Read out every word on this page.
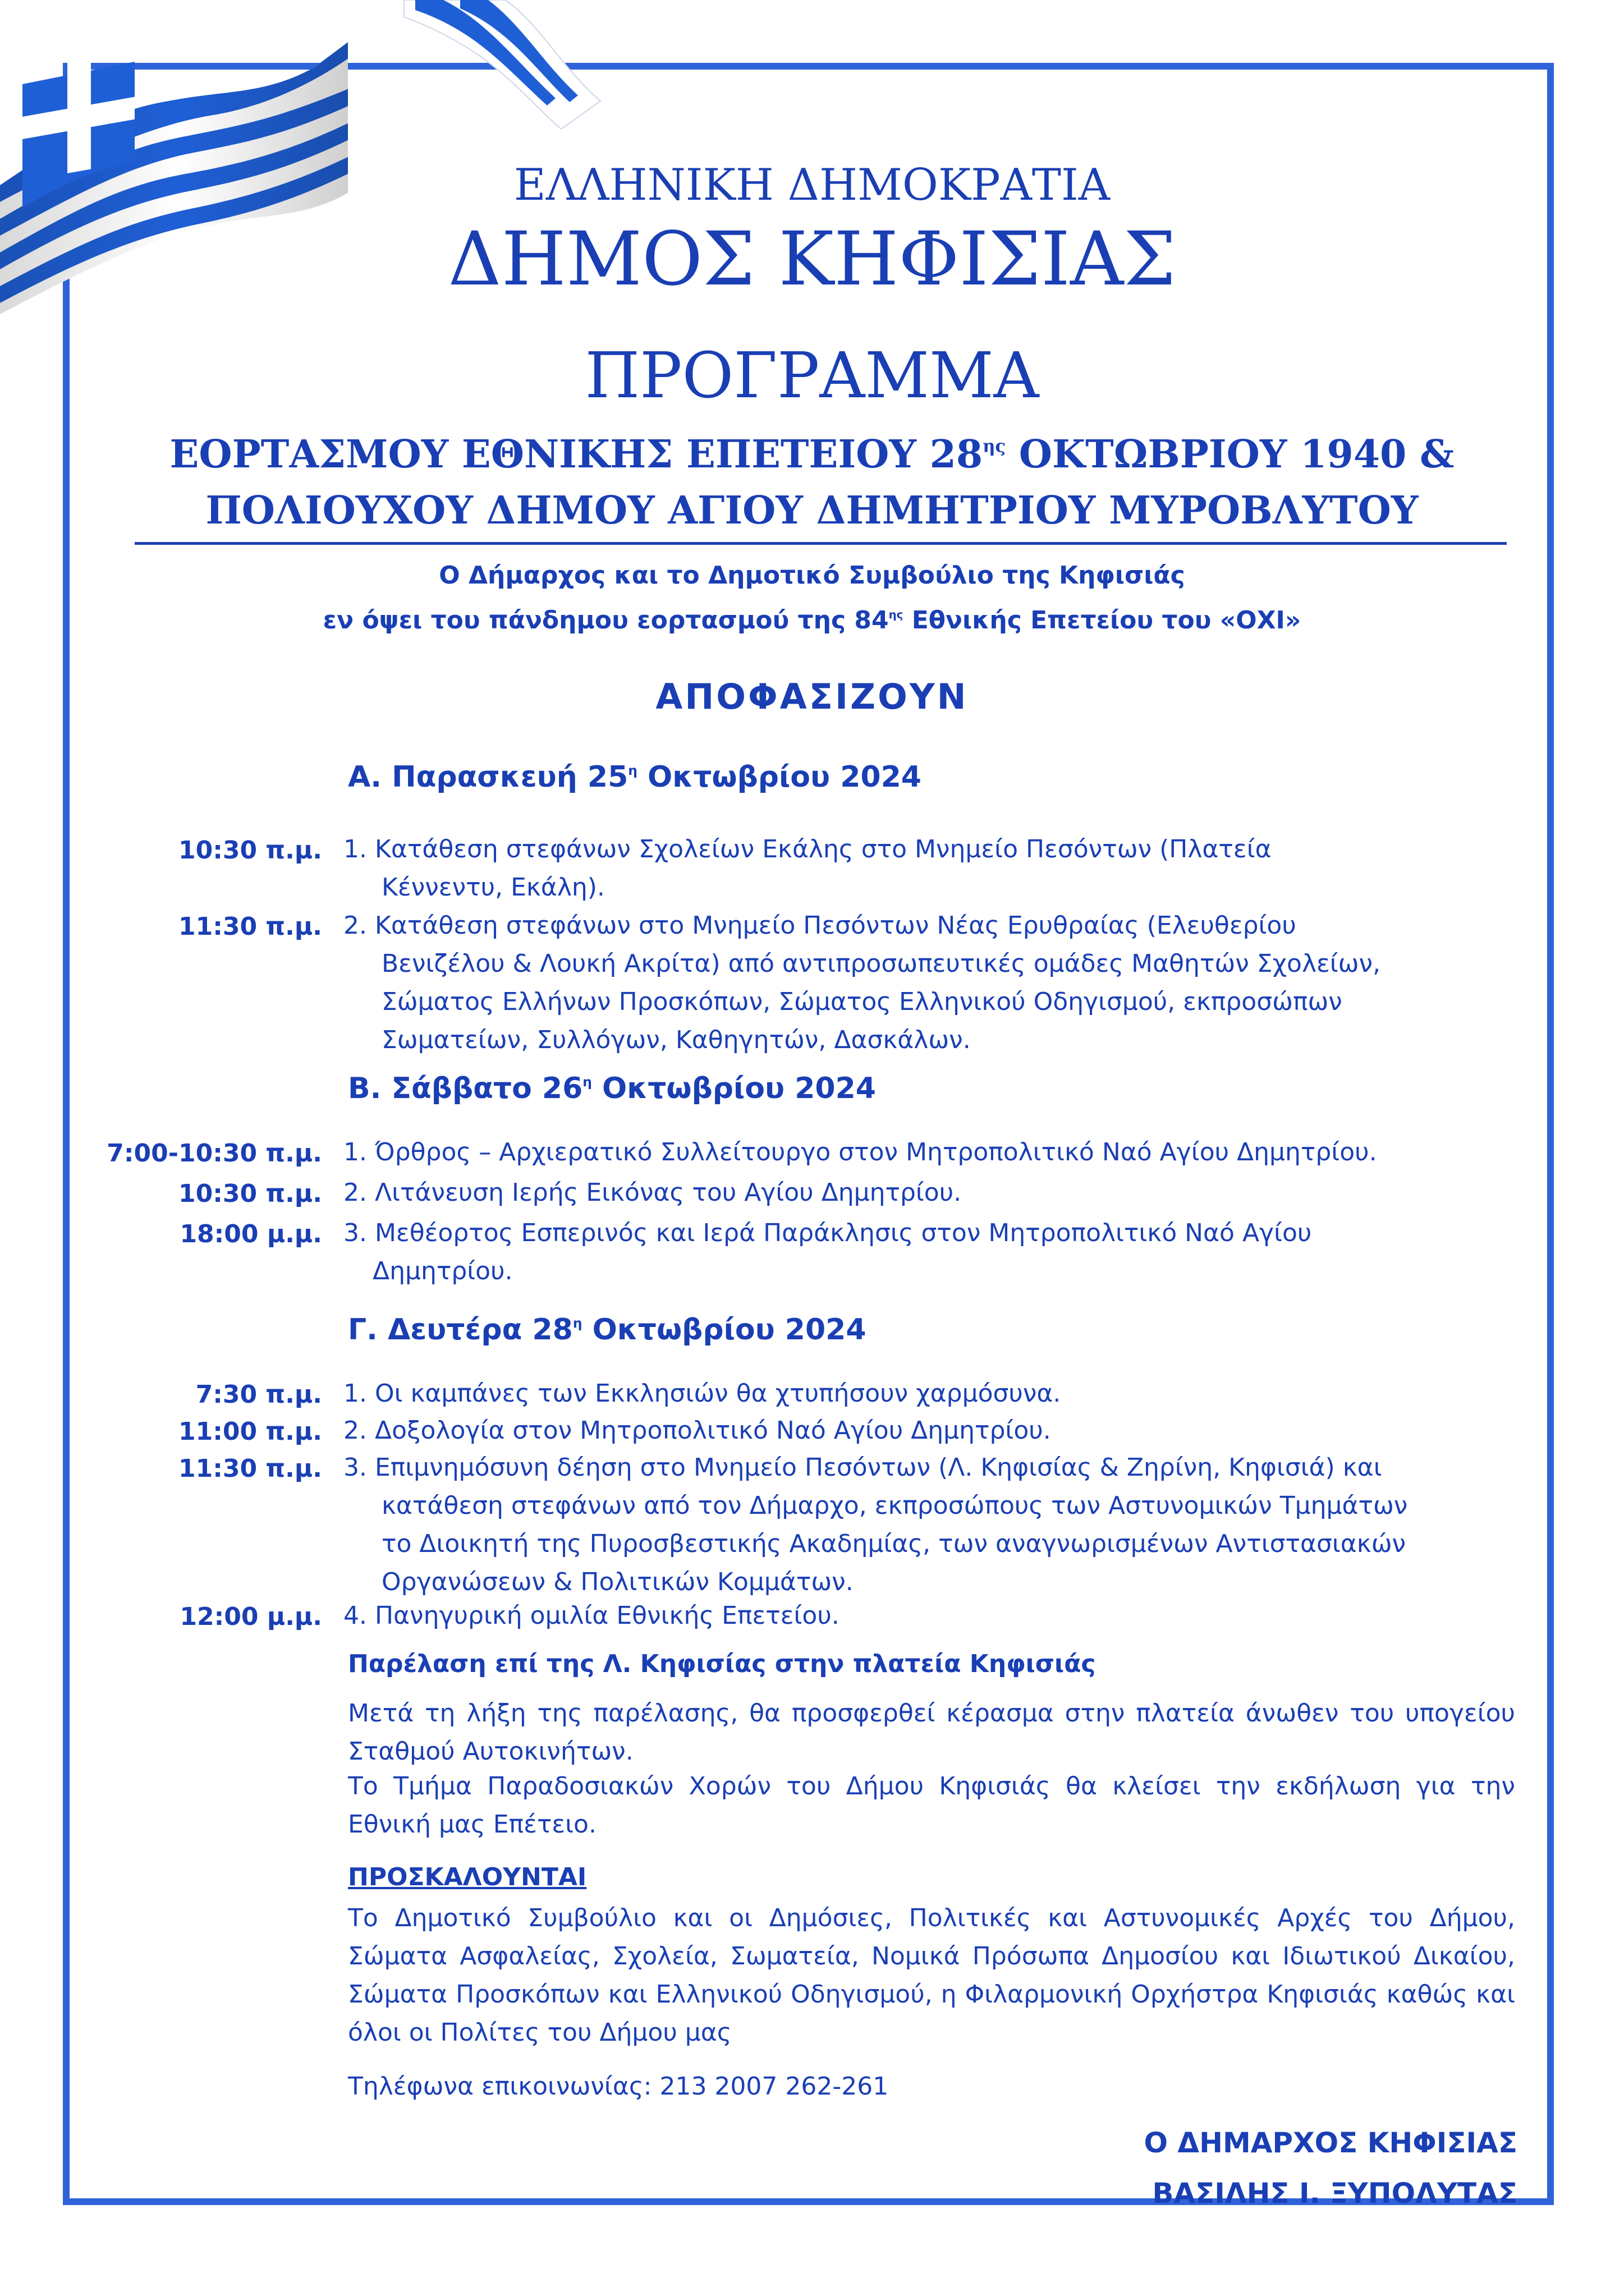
ΕΛΛΗΝΙΚΗ ΔΗΜΟΚΡΑΤΙΑ
ΔΗΜΟΣ ΚΗΦΙΣΙΑΣ
ΠΡΟΓΡΑΜΜΑ
ΕΟΡΤΑΣΜΟΥ ΕΘΝΙΚΗΣ ΕΠΕΤΕΙΟΥ $28^{\eta\varsigma}$ ΟΚΤΩΒΡΙΟΥ 1940 &
ΠΟΛΙΟΥΧΟΥ ΔΗΜΟΥ ΑΓΙΟΥ ΔΗΜΗΤΡΙΟΥ ΜΥΡΟΒΛΥΤΟΥ
Ο Δήμαρχος και το Δημοτικό Συμβούλιο της Κηφισιάς
εν όψει του πάνδημου εορτασμού της $84^{\eta\varsigma}$ Εθνικής Επετείου του «ΟΧΙ»
ΑΠΟΦΑΣΙΖΟΥΝ
Α. Παρασκευή $25^\eta$ Οκτωβρίου 2024
10:30 π.μ. 1. Κατάθεση στεφάνων Σχολείων Εκάλης στο Μνημείο Πεσόντων (Πλατεία
Κέννεντυ, Εκάλη).
11:30 π.μ. 2. Κατάθεση στεφάνων στο Μνημείο Πεσόντων Νέας Ερυθραίας (Ελευθερίου
Βενιζέλου & Λουκή Ακρίτα) από αντιπροσωπευτικές ομάδες Μαθητών Σχολείων,
Σώματος Ελλήνων Προσκόπων, Σώματος Ελληνικού Οδηγισμού, εκπροσώπων
Σωματείων, Συλλόγων, Καθηγητών, Δασκάλων.
Β. Σάββατο $26^\eta$ Οκτωβρίου 2024
7:00-10:30 π.μ. 1. Όρθρος – Αρχιερατικό Συλλείτουργο στον Μητροπολιτικό Ναό Αγίου Δημητρίου.
10:30 π.μ. 2. Λιτάνευση Ιερής Εικόνας του Αγίου Δημητρίου.
18:00 μ.μ. 3. Μεθέορτος Εσπερινός και Ιερά Παράκλησις στον Μητροπολιτικό Ναό Αγίου
Δημητρίου.
Γ. Δευτέρα $28^\eta$ Οκτωβρίου 2024
7:30 π.μ. 1. Οι καμπάνες των Εκκλησιών θα χτυπήσουν χαρμόσυνα.
11:00 π.μ. 2. Δοξολογία στον Μητροπολιτικό Ναό Αγίου Δημητρίου.
11:30 π.μ. 3. Επιμνημόσυνη δέηση στο Μνημείο Πεσόντων (Λ. Κηφισίας & Ζηρίνη, Κηφισιά) και
κατάθεση στεφάνων από τον Δήμαρχο, εκπροσώπους των Αστυνομικών Τμημάτων
το Διοικητή της Πυροσβεστικής Ακαδημίας, των αναγνωρισμένων Αντιστασιακών
Οργανώσεων & Πολιτικών Κομμάτων.
12:00 μ.μ. 4. Πανηγυρική ομιλία Εθνικής Επετείου.
Παρέλαση επί της Λ. Κηφισίας στην πλατεία Κηφισιάς
Μετά τη λήξη της παρέλασης, θα προσφερθεί κέρασμα στην πλατεία άνωθεν του υπογείου Σταθμού Αυτοκινήτων.
Το Τμήμα Παραδοσιακών Χορών του Δήμου Κηφισιάς θα κλείσει την εκδήλωση για την Εθνική μας Επέτειο.
ΠΡΟΣΚΑΛΟΥΝΤΑΙ
Το Δημοτικό Συμβούλιο και οι Δημόσιες, Πολιτικές και Αστυνομικές Αρχές του Δήμου, Σώματα Ασφαλείας, Σχολεία, Σωματεία, Νομικά Πρόσωπα Δημοσίου και Ιδιωτικού Δικαίου, Σώματα Προσκόπων και Ελληνικού Οδηγισμού, η Φιλαρμονική Ορχήστρα Κηφισιάς καθώς και όλοι οι Πολίτες του Δήμου μας
Τηλέφωνα επικοινωνίας: 213 2007 262-261
Ο ΔΗΜΑΡΧΟΣ ΚΗΦΙΣΙΑΣ
ΒΑΣΙΛΗΣ Ι. ΞΥΠΟΛΥΤΑΣ
